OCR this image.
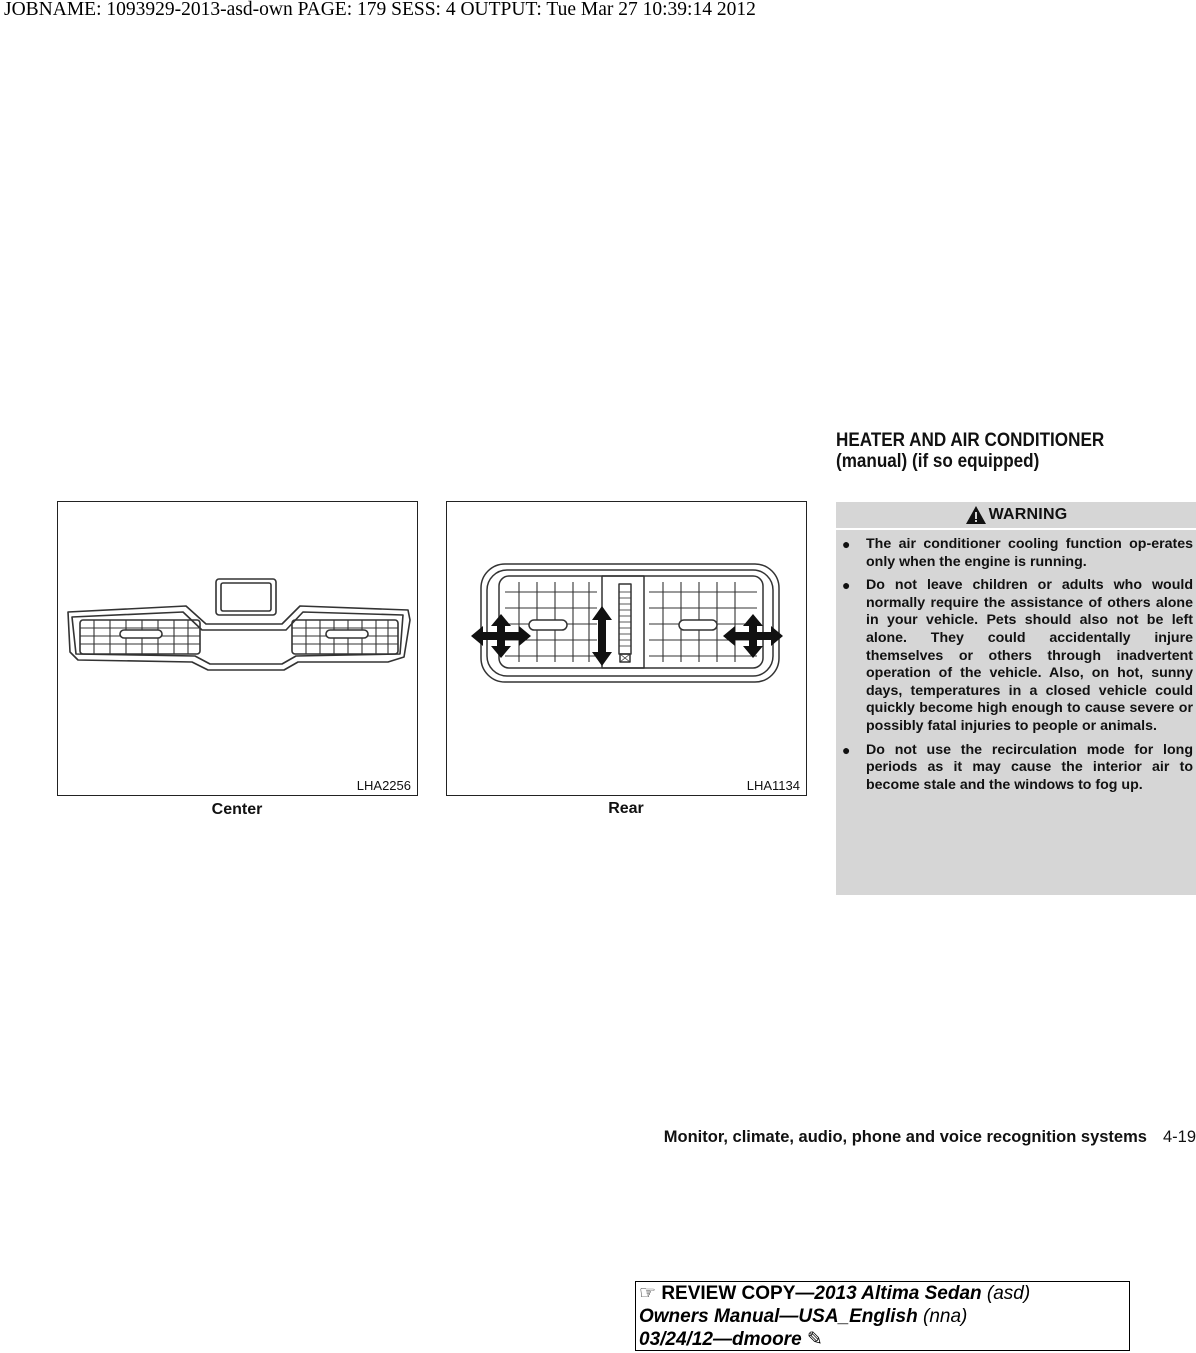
JOBNAME: 1093929-2013-asd-own PAGE: 179 SESS: 4 OUTPUT: Tue Mar 27 10:39:14 2012
HEATER AND AIR CONDITIONER
(manual) (if so equipped)
LHA2256
Center
LHA1134
Rear
WARNING
● The air conditioner cooling function op-erates only when the engine is running.
● Do not leave children or adults who would normally require the assistance of others alone in your vehicle. Pets should also not be left alone. They could accidentally injure themselves or others through inadvertent operation of the vehicle. Also, on hot, sunny days, temperatures in a closed vehicle could quickly become high enough to cause severe or possibly fatal injuries to people or animals.
● Do not use the recirculation mode for long periods as it may cause the interior air to become stale and the windows to fog up.
Monitor, climate, audio, phone and voice recognition systems 4-19
☞ REVIEW COPY—2013 Altima Sedan (asd)
Owners Manual—USA_English (nna)
03/24/12—dmoore ✎
